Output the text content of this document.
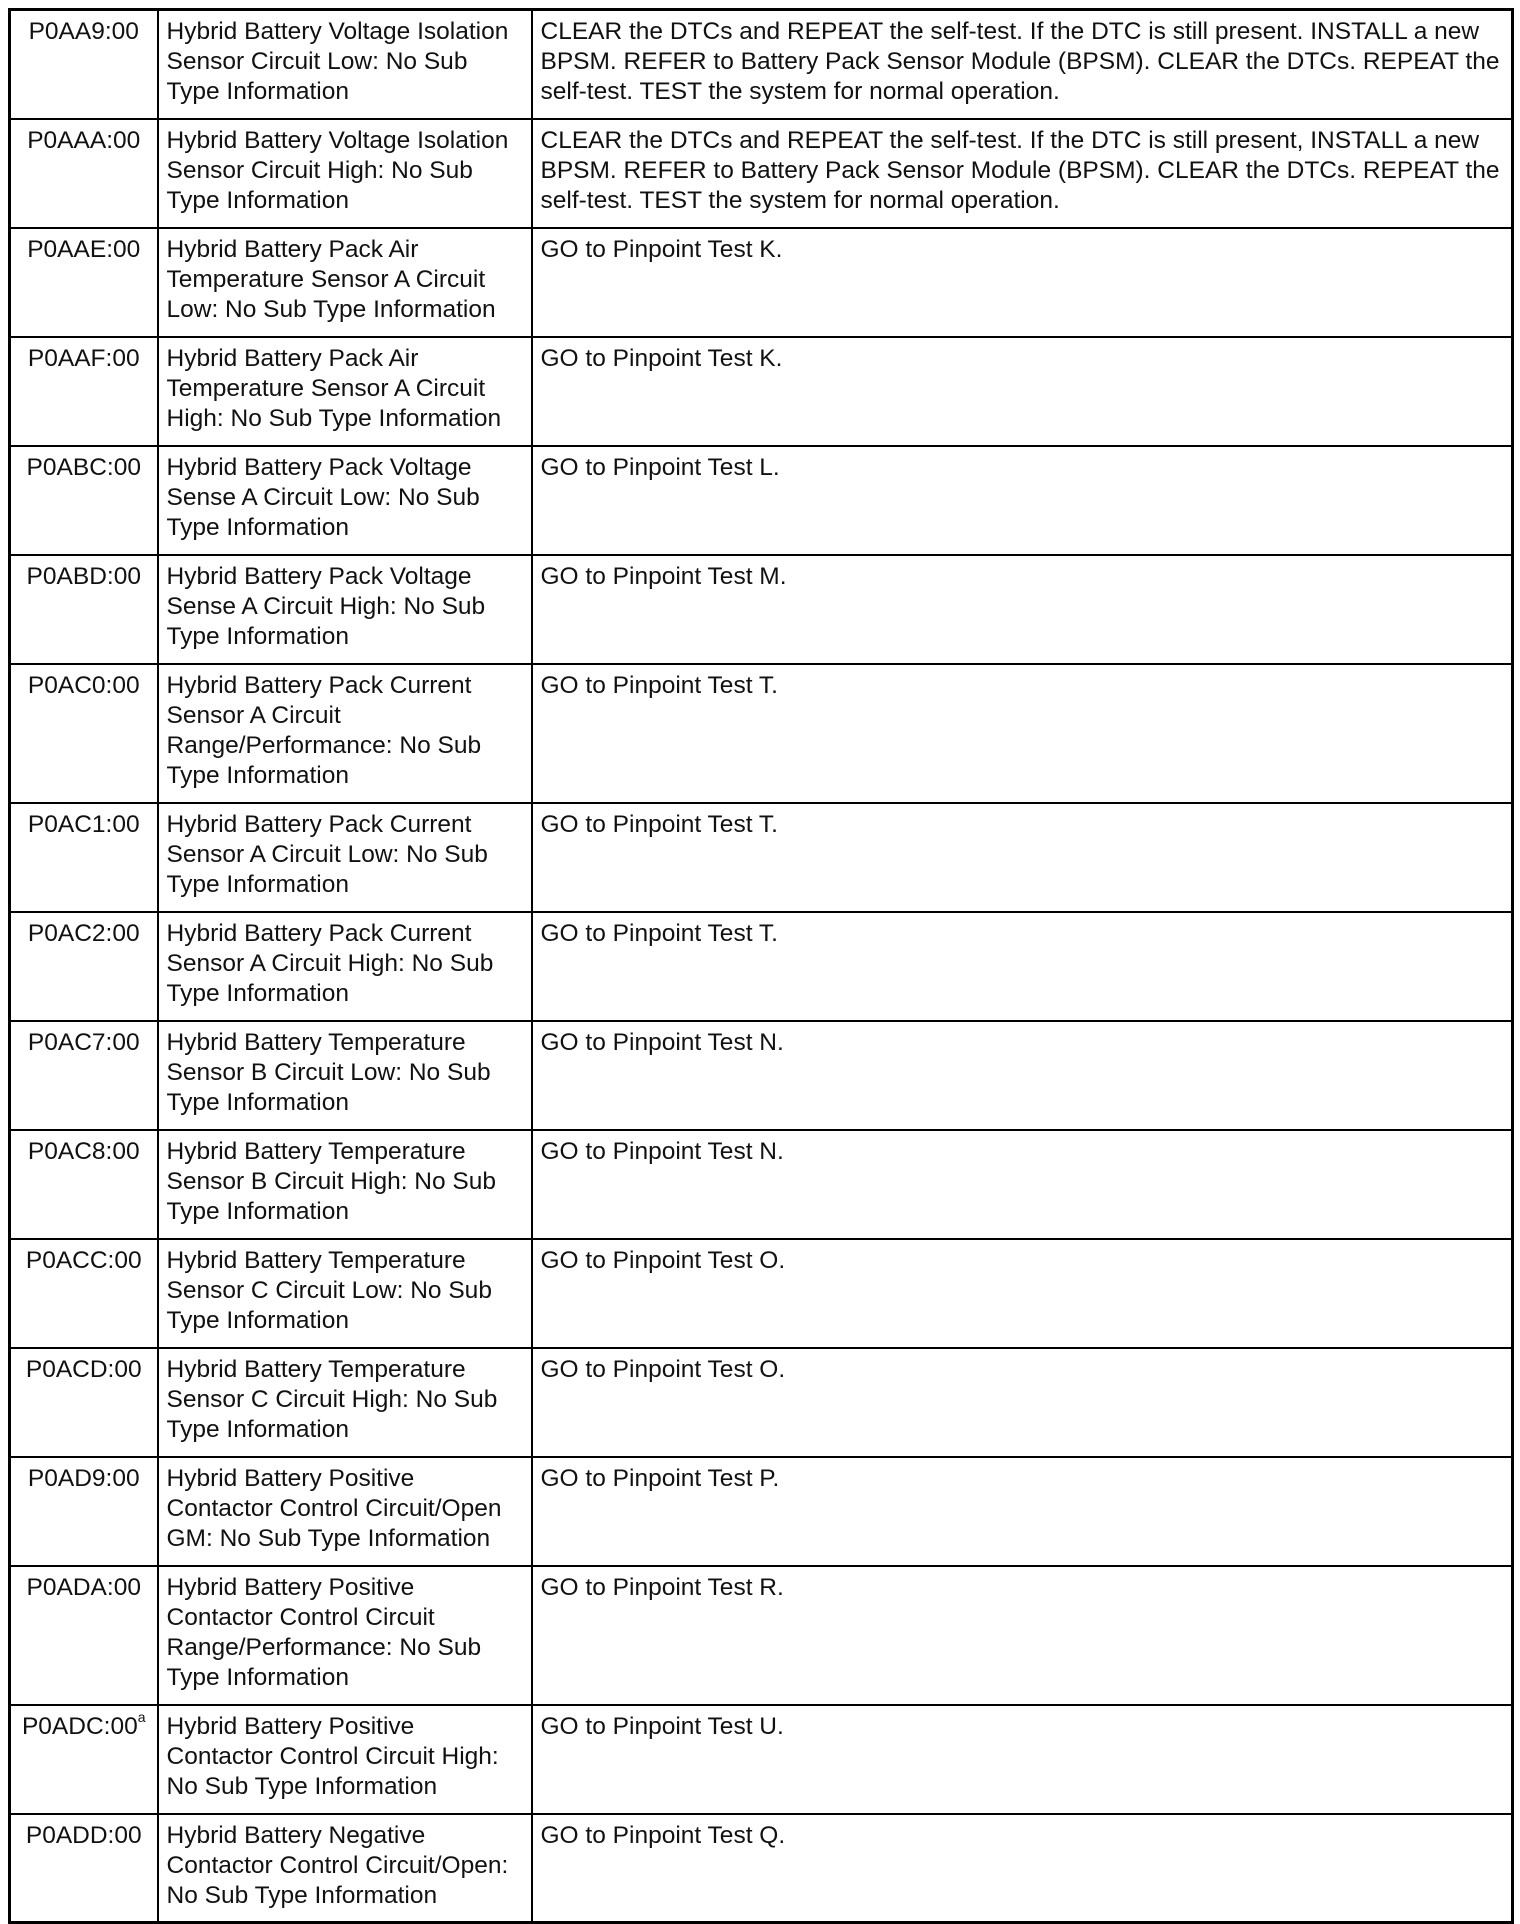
P0AA9:00	Hybrid Battery Voltage Isolation Sensor Circuit Low: No Sub Type Information	CLEAR the DTCs and REPEAT the self-test. If the DTC is still present. INSTALL a new BPSM. REFER to Battery Pack Sensor Module (BPSM). CLEAR the DTCs. REPEAT the self-test. TEST the system for normal operation.
P0AAA:00	Hybrid Battery Voltage Isolation Sensor Circuit High: No Sub Type Information	CLEAR the DTCs and REPEAT the self-test. If the DTC is still present, INSTALL a new BPSM. REFER to Battery Pack Sensor Module (BPSM). CLEAR the DTCs. REPEAT the self-test. TEST the system for normal operation.
P0AAE:00	Hybrid Battery Pack Air Temperature Sensor A Circuit Low: No Sub Type Information	GO to Pinpoint Test K.
P0AAF:00	Hybrid Battery Pack Air Temperature Sensor A Circuit High: No Sub Type Information	GO to Pinpoint Test K.
P0ABC:00	Hybrid Battery Pack Voltage Sense A Circuit Low: No Sub Type Information	GO to Pinpoint Test L.
P0ABD:00	Hybrid Battery Pack Voltage Sense A Circuit High: No Sub Type Information	GO to Pinpoint Test M.
P0AC0:00	Hybrid Battery Pack Current Sensor A Circuit Range/Performance: No Sub Type Information	GO to Pinpoint Test T.
P0AC1:00	Hybrid Battery Pack Current Sensor A Circuit Low: No Sub Type Information	GO to Pinpoint Test T.
P0AC2:00	Hybrid Battery Pack Current Sensor A Circuit High: No Sub Type Information	GO to Pinpoint Test T.
P0AC7:00	Hybrid Battery Temperature Sensor B Circuit Low: No Sub Type Information	GO to Pinpoint Test N.
P0AC8:00	Hybrid Battery Temperature Sensor B Circuit High: No Sub Type Information	GO to Pinpoint Test N.
P0ACC:00	Hybrid Battery Temperature Sensor C Circuit Low: No Sub Type Information	GO to Pinpoint Test O.
P0ACD:00	Hybrid Battery Temperature Sensor C Circuit High: No Sub Type Information	GO to Pinpoint Test O.
P0AD9:00	Hybrid Battery Positive Contactor Control Circuit/Open GM: No Sub Type Information	GO to Pinpoint Test P.
P0ADA:00	Hybrid Battery Positive Contactor Control Circuit Range/Performance: No Sub Type Information	GO to Pinpoint Test R.
P0ADC:00$^a$	Hybrid Battery Positive Contactor Control Circuit High: No Sub Type Information	GO to Pinpoint Test U.
P0ADD:00	Hybrid Battery Negative Contactor Control Circuit/Open: No Sub Type Information	GO to Pinpoint Test Q.
